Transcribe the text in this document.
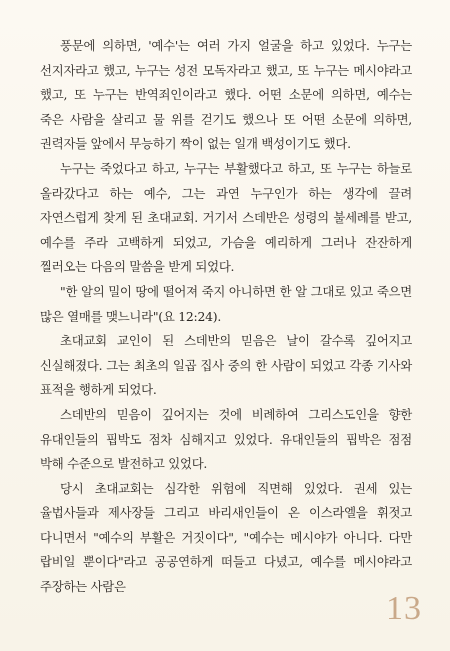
풍문에 의하면, '예수'는 여러 가지 얼굴을 하고 있었다. 누구는 선지자라고 했고, 누구는 성전 모독자라고 했고, 또 누구는 메시야라고 했고, 또 누구는 반역죄인이라고 했다. 어떤 소문에 의하면, 예수는 죽은 사람을 살리고 물 위를 걷기도 했으나 또 어떤 소문에 의하면, 권력자들 앞에서 무능하기 짝이 없는 일개 백성이기도 했다.

누구는 죽었다고 하고, 누구는 부활했다고 하고, 또 누구는 하늘로 올라갔다고 하는 예수, 그는 과연 누구인가 하는 생각에 끌려 자연스럽게 찾게 된 초대교회. 거기서 스데반은 성령의 불세례를 받고, 예수를 주라 고백하게 되었고, 가슴을 예리하게 그러나 잔잔하게 찔러오는 다음의 말씀을 받게 되었다.

"한 알의 밀이 땅에 떨어져 죽지 아니하면 한 알 그대로 있고 죽으면 많은 열매를 맺느니라"(요 12:24).

초대교회 교인이 된 스데반의 믿음은 날이 갈수록 깊어지고 신실해졌다. 그는 최초의 일곱 집사 중의 한 사람이 되었고 각종 기사와 표적을 행하게 되었다.

스데반의 믿음이 깊어지는 것에 비례하여 그리스도인을 향한 유대인들의 핍박도 점차 심해지고 있었다. 유대인들의 핍박은 점점 박해 수준으로 발전하고 있었다.

당시 초대교회는 심각한 위험에 직면해 있었다. 권세 있는 율법사들과 제사장들 그리고 바리새인들이 온 이스라엘을 휘젓고 다니면서 "예수의 부활은 거짓이다", "예수는 메시야가 아니다. 다만 랍비일 뿐이다"라고 공공연하게 떠들고 다녔고, 예수를 메시야라고 주장하는 사람은

13
